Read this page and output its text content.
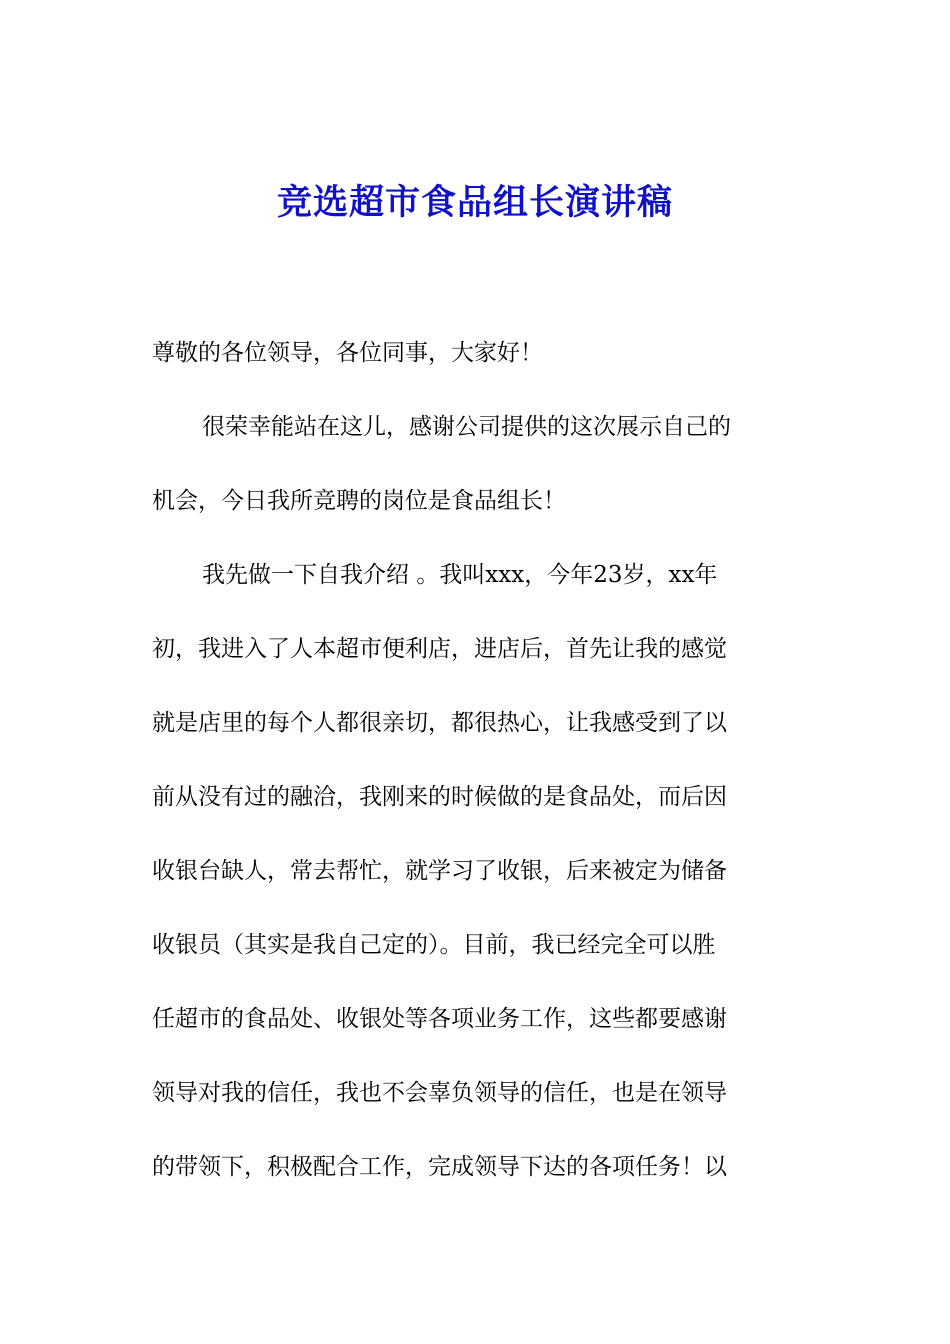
竞选超市食品组长演讲稿
尊敬的各位领导，各位同事，大家好！
很荣幸能站在这儿，感谢公司提供的这次展示自己的
机会，今日我所竞聘的岗位是食品组长！
我先做一下自我介绍 。我叫xxx，今年23岁，xx年
初，我进入了人本超市便利店，进店后，首先让我的感觉
就是店里的每个人都很亲切，都很热心，让我感受到了以
前从没有过的融洽，我刚来的时候做的是食品处，而后因
收银台缺人，常去帮忙，就学习了收银，后来被定为储备
收银员（其实是我自己定的）。目前，我已经完全可以胜
任超市的食品处、收银处等各项业务工作，这些都要感谢
领导对我的信任，我也不会辜负领导的信任，也是在领导
的带领下，积极配合工作，完成领导下达的各项任务！以
